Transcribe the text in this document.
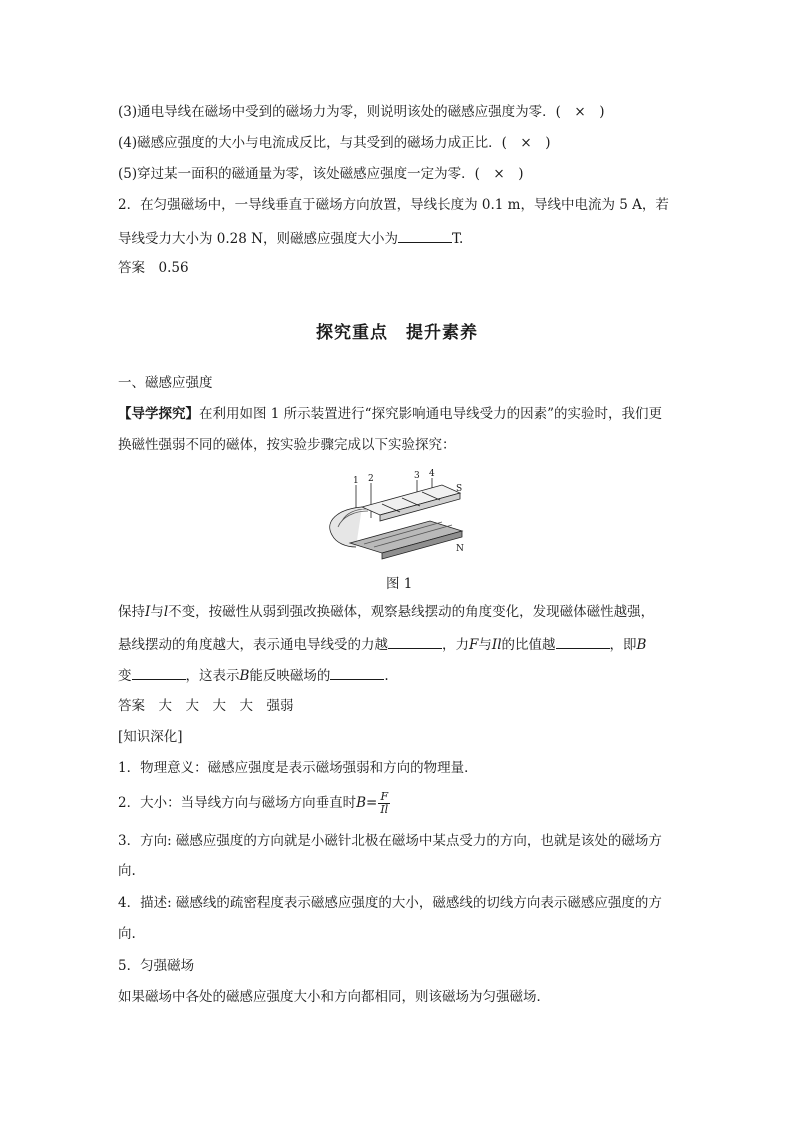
(3)通电导线在磁场中受到的磁场力为零，则说明该处的磁感应强度为零．(　×　)
(4)磁感应强度的大小与电流成反比，与其受到的磁场力成正比．(　×　)
(5)穿过某一面积的磁通量为零，该处磁感应强度一定为零．(　×　)
2．在匀强磁场中，一导线垂直于磁场方向放置，导线长度为 0.1 m，导线中电流为 5 A，若
导线受力大小为 0.28 N，则磁感应强度大小为	T.
答案　0.56
探究重点　提升素养
一、磁感应强度
【导学探究】在利用如图 1 所示装置进行“探究影响通电导线受力的因素”的实验时，我们更
换磁性强弱不同的磁体，按实验步骤完成以下实验探究：
1 2	3 4
S
N
图 1
保持I与l不变，按磁性从弱到强改换磁体，观察悬线摆动的角度变化，发现磁体磁性越强，
悬线摆动的角度越大，表示通电导线受的力越	，力F与Il的比值越	，即B
变	，这表示B能反映磁场的	.
答案　大　大　大　大　强弱
[知识深化]
1．物理意义：磁感应强度是表示磁场强弱和方向的物理量．
2．大小：当导线方向与磁场方向垂直时$B= \frac{F}{Il}$
3．方向: 磁感应强度的方向就是小磁针北极在磁场中某点受力的方向，也就是该处的磁场方
向.
4．描述: 磁感线的疏密程度表示磁感应强度的大小，磁感线的切线方向表示磁感应强度的方
向.
5．匀强磁场
如果磁场中各处的磁感应强度大小和方向都相同，则该磁场为匀强磁场．
